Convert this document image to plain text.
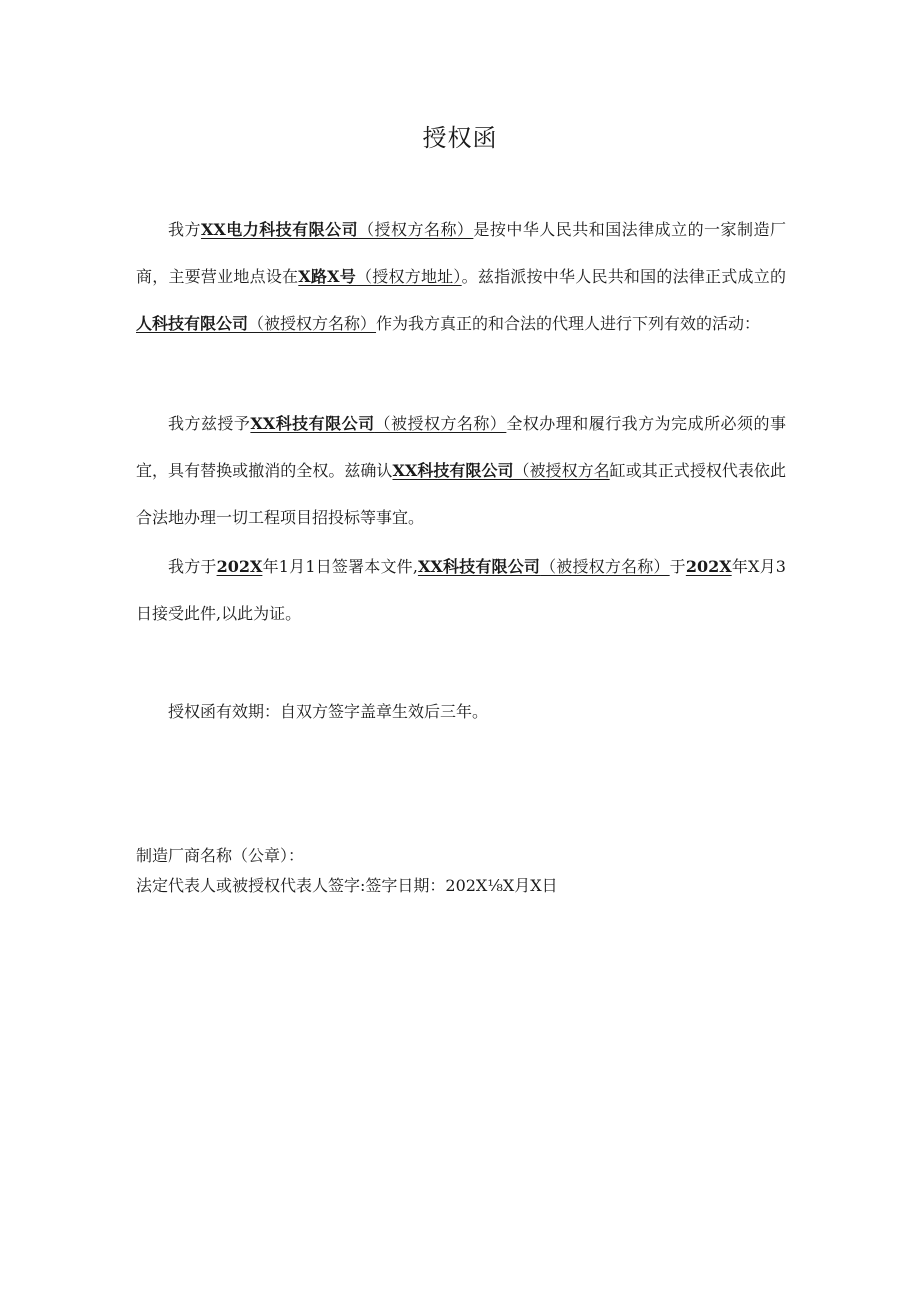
授权函

我方XX电力科技有限公司（授权方名称）是按中华人民共和国法律成立的一家制造厂商，主要营业地点设在X路X号（授权方地址）。兹指派按中华人民共和国的法律正式成立的人科技有限公司（被授权方名称）作为我方真正的和合法的代理人进行下列有效的活动：

我方兹授予XX科技有限公司（被授权方名称）全权办理和履行我方为完成所必须的事宜，具有替换或撤消的全权。兹确认XX科技有限公司（被授权方名缸或其正式授权代表依此合法地办理一切工程项目招投标等事宜。

我方于202X年1月1日签署本文件,XX科技有限公司（被授权方名称）于202X年X月3日接受此件,以此为证。

授权函有效期：自双方签字盖章生效后三年。

制造厂商名称（公章）：
法定代表人或被授权代表人签字:签字日期：202X⅛X月X日
